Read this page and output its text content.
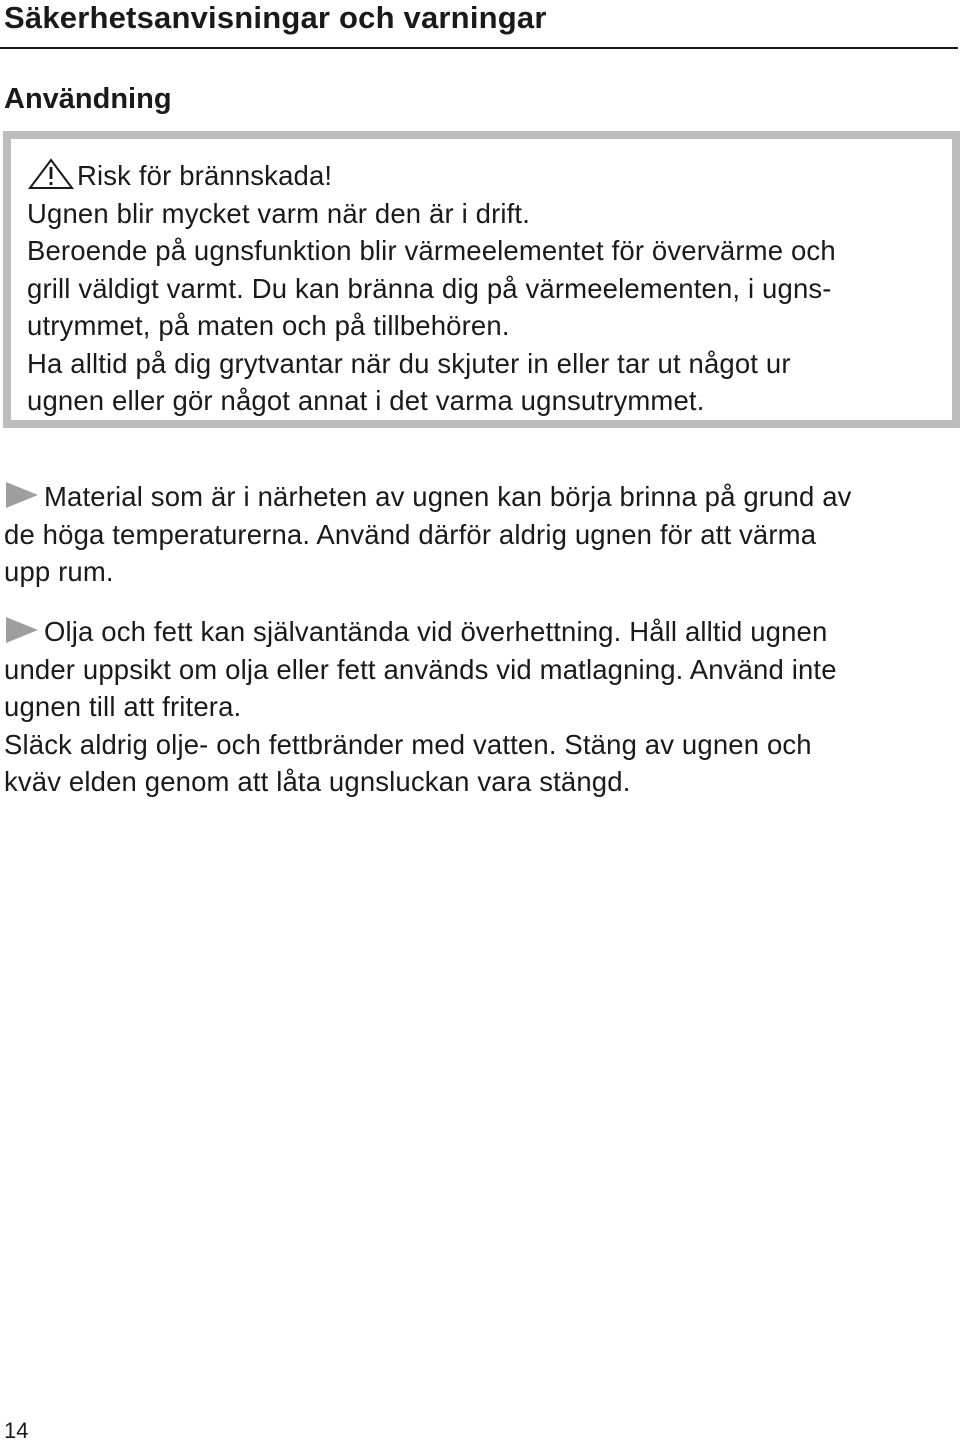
Säkerhetsanvisningar och varningar
Användning

Risk för brännskada!

Ugnen blir mycket varm när den är i drift.

Beroende på ugnsfunktion blir värmeelementet för övervärme och

grill väldigt varmt. Du kan bränna dig på värmeelementen, i ugns-

utrymmet, på maten och på tillbehören.

Ha alltid på dig grytvantar när du skjuter in eller tar ut något ur

ugnen eller gör något annat i det varma ugnsutrymmet.

Material som är i närheten av ugnen kan börja brinna på grund av

de höga temperaturerna. Använd därför aldrig ugnen för att värma

upp rum.

Olja och fett kan självantända vid överhettning. Håll alltid ugnen

under uppsikt om olja eller fett används vid matlagning. Använd inte

ugnen till att fritera.

Släck aldrig olje- och fettbränder med vatten. Stäng av ugnen och

kväv elden genom att låta ugnsluckan vara stängd.

14
